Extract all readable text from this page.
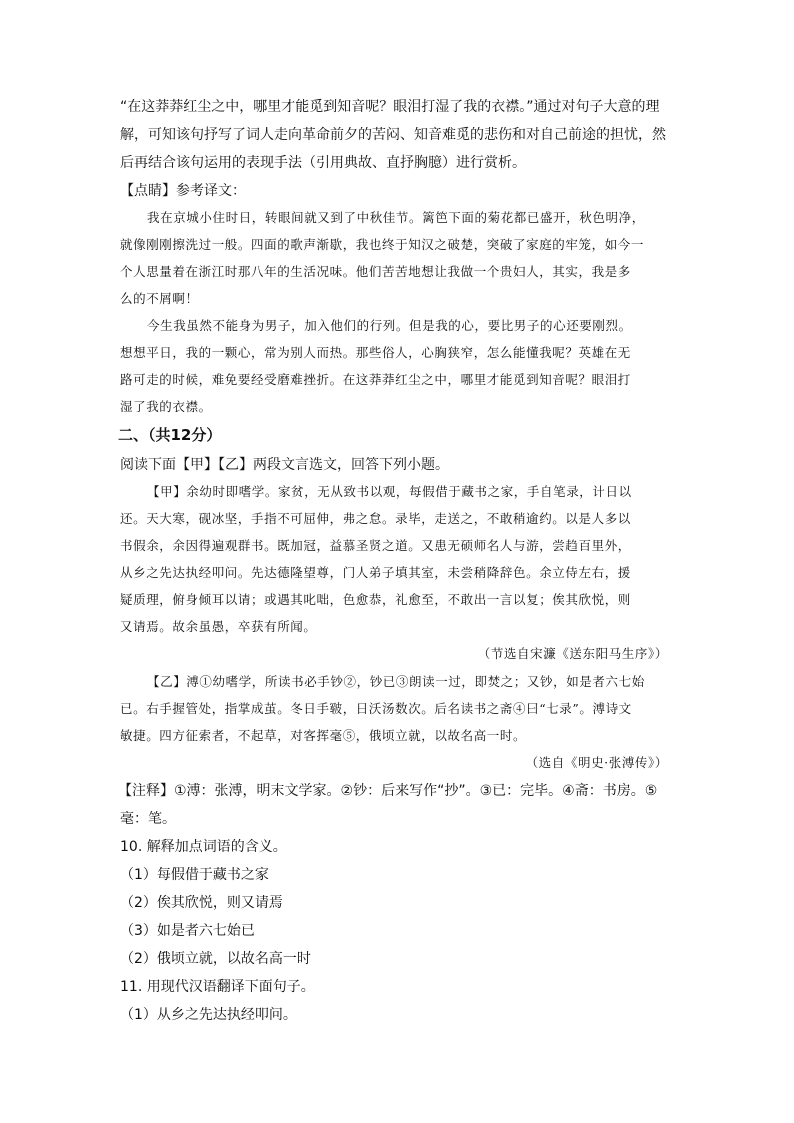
“在这莽莽红尘之中，哪里才能觅到知音呢？眼泪打湿了我的衣襟。”通过对句子大意的理

解，可知该句抒写了词人走向革命前夕的苦闷、知音难觅的悲伤和对自己前途的担忧，然

后再结合该句运用的表现手法（引用典故、直抒胸臆）进行赏析。

【点睛】参考译文：

我在京城小住时日，转眼间就又到了中秋佳节。篱笆下面的菊花都已盛开，秋色明净，

就像刚刚擦洗过一般。四面的歌声渐歇，我也终于知汉之破楚，突破了家庭的牢笼，如今一

个人思量着在浙江时那八年的生活况味。他们苦苦地想让我做一个贵妇人，其实，我是多

么的不屑啊！

今生我虽然不能身为男子，加入他们的行列。但是我的心，要比男子的心还要刚烈。

想想平日，我的一颗心，常为别人而热。那些俗人，心胸狭窄，怎么能懂我呢？英雄在无

路可走的时候，难免要经受磨难挫折。在这莽莽红尘之中，哪里才能觅到知音呢？眼泪打

湿了我的衣襟。

二、（共12分）

阅读下面【甲】【乙】两段文言选文，回答下列小题。

【甲】余幼时即嗜学。家贫，无从致书以观，每假借于藏书之家，手自笔录，计日以

还。天大寒，砚冰坚，手指不可屈伸，弗之怠。录毕，走送之，不敢稍逾约。以是人多以

书假余，余因得遍观群书。既加冠，益慕圣贤之道。又患无硕师名人与游，尝趋百里外，

从乡之先达执经叩问。先达德隆望尊，门人弟子填其室，未尝稍降辞色。余立侍左右，援

疑质理，俯身倾耳以请；或遇其叱咄，色愈恭，礼愈至，不敢出一言以复；俟其欣悦，则

又请焉。故余虽愚，卒获有所闻。

（节选自宋濂《送东阳马生序》）

【乙】溥①幼嗜学，所读书必手钞②，钞已③朗读一过，即焚之；又钞，如是者六七始

已。右手握管处，指掌成茧。冬日手皲，日沃汤数次。后名读书之斋④曰“七录”。溥诗文

敏捷。四方征索者，不起草，对客挥毫⑤，俄顷立就，以故名高一时。

（选自《明史·张溥传》）

【注释】①溥：张溥，明末文学家。②钞：后来写作“抄”。③已：完毕。④斋：书房。⑤

毫：笔。

10. 解释加点词语的含义。

（1）每假借于藏书之家

（2）俟其欣悦，则又请焉

（3）如是者六七始已

（2）俄顷立就，以故名高一时

11. 用现代汉语翻译下面句子。

（1）从乡之先达执经叩问。
